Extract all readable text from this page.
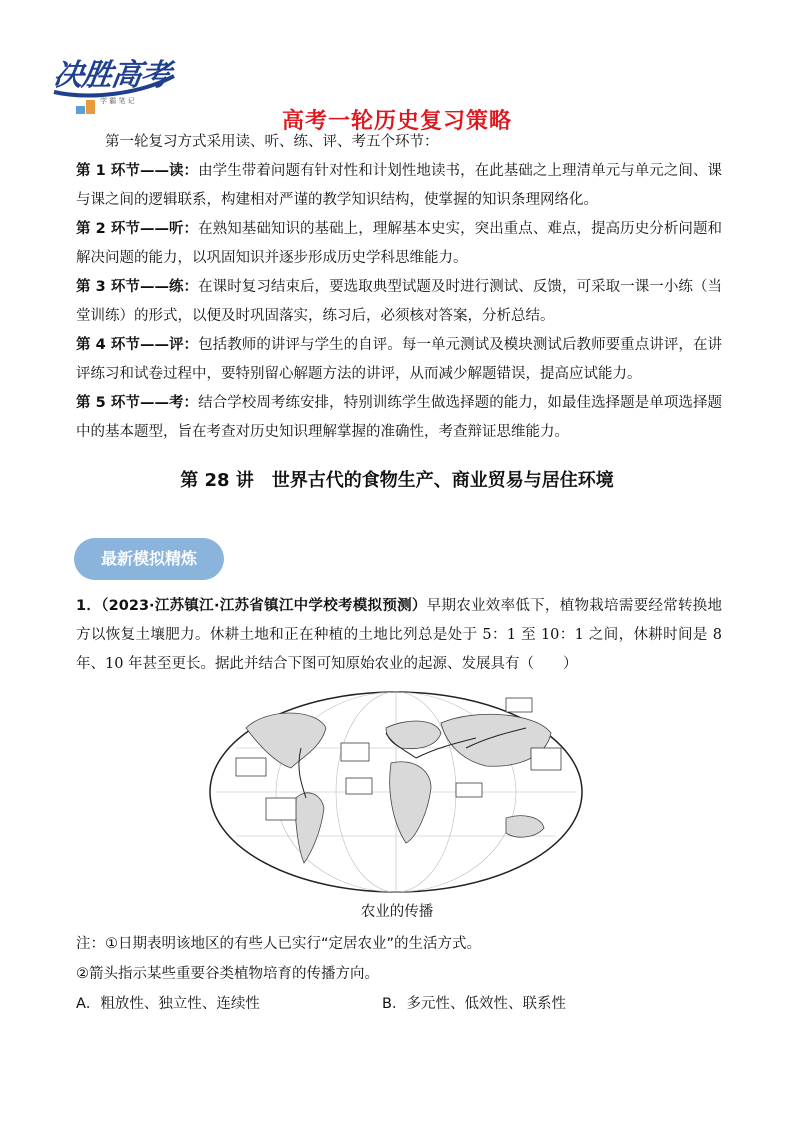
决胜高考
学 霸 笔 记
高考一轮历史复习策略

第一轮复习方式采用读、听、练、评、考五个环节：

第 1 环节——读：由学生带着问题有针对性和计划性地读书，在此基础之上理清单元与单元之间、课与课之间的逻辑联系，构建相对严谨的教学知识结构，使掌握的知识条理网络化。

第 2 环节——听：在熟知基础知识的基础上，理解基本史实，突出重点、难点，提高历史分析问题和解决问题的能力，以巩固知识并逐步形成历史学科思维能力。

第 3 环节——练：在课时复习结束后，要选取典型试题及时进行测试、反馈，可采取一课一小练（当堂训练）的形式，以便及时巩固落实，练习后，必须核对答案，分析总结。

第 4 环节——评：包括教师的讲评与学生的自评。每一单元测试及模块测试后教师要重点讲评，在讲评练习和试卷过程中，要特别留心解题方法的讲评，从而减少解题错误，提高应试能力。

第 5 环节——考：结合学校周考练安排，特别训练学生做选择题的能力，如最佳选择题是单项选择题中的基本题型，旨在考查对历史知识理解掌握的准确性，考查辩证思维能力。

第 28 讲　世界古代的食物生产、商业贸易与居住环境
最新模拟精炼

1．（2023·江苏镇江·江苏省镇江中学校考模拟预测）早期农业效率低下，植物栽培需要经常转换地方以恢复土壤肥力。休耕土地和正在种植的土地比列总是处于 5：1 至 10：1 之间，休耕时间是 8 年、10 年甚至更长。据此并结合下图可知原始农业的起源、发展具有（　　）

农业的传播
注：①日期表明该地区的有些人已实行“定居农业”的生活方式。
②箭头指示某些重要谷类植物培育的传播方向。
A．粗放性、独立性、连续性	B．多元性、低效性、联系性
